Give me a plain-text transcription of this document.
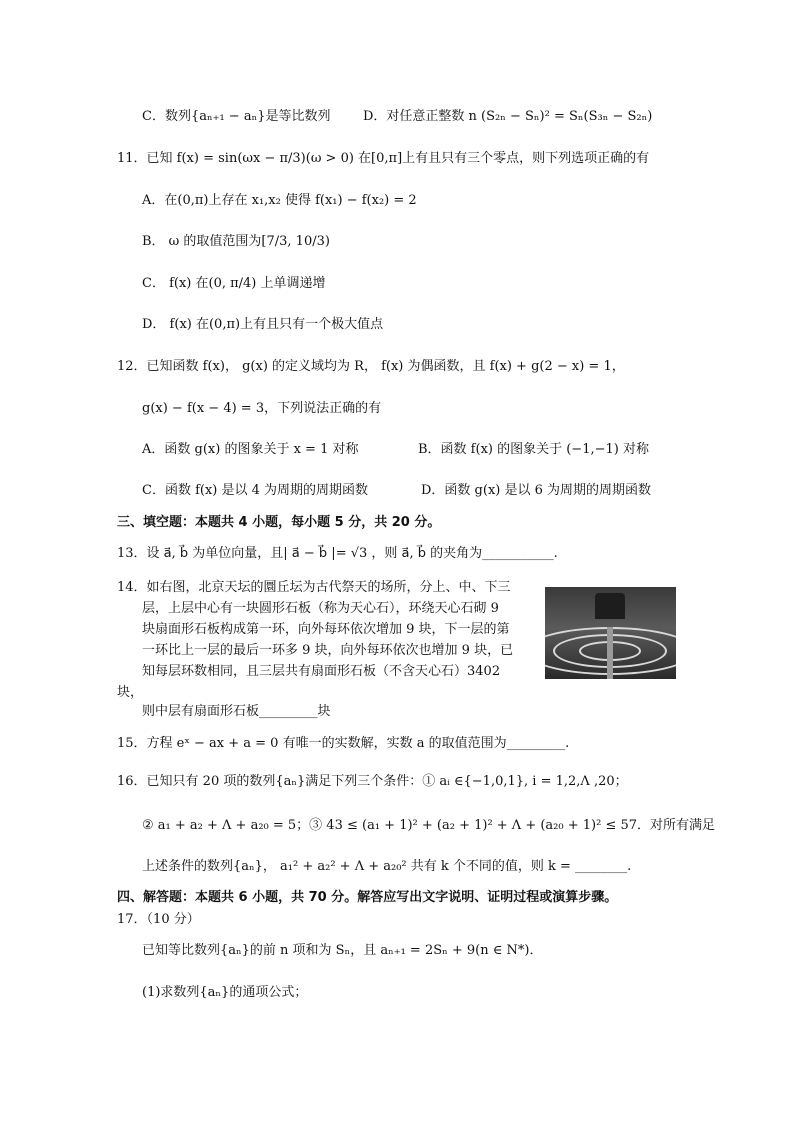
C．数列{aₙ₊₁ − aₙ}是等比数列	D．对任意正整数 n (S₂ₙ − Sₙ)² = Sₙ(S₃ₙ − S₂ₙ)
11．已知 f(x) = sin(ωx − π/3)(ω > 0) 在[0,π]上有且只有三个零点，则下列选项正确的有
A．在(0,π)上存在 x₁,x₂ 使得 f(x₁) − f(x₂) = 2
B． ω 的取值范围为[7/3, 10/3)
C． f(x) 在(0, π/4) 上单调递增
D． f(x) 在(0,π)上有且只有一个极大值点
12．已知函数 f(x)， g(x) 的定义域均为 R， f(x) 为偶函数，且 f(x) + g(2 − x) = 1，
g(x) − f(x − 4) = 3，下列说法正确的有
A．函数 g(x) 的图象关于 x = 1 对称	B．函数 f(x) 的图象关于 (−1,−1) 对称
C．函数 f(x) 是以 4 为周期的周期函数	D．函数 g(x) 是以 6 为周期的周期函数
三、填空题：本题共 4 小题，每小题 5 分，共 20 分。
13．设 a⃗, b⃗ 为单位向量，且| a⃗ − b⃗ |= √3 ，则 a⃗, b⃗ 的夹角为___________.
14．如右图，北京天坛的圜丘坛为古代祭天的场所，分上、中、下三
层，上层中心有一块圆形石板（称为天心石），环绕天心石砌 9
块扇面形石板构成第一环，向外每环依次增加 9 块，下一层的第
一环比上一层的最后一环多 9 块，向外每环依次也增加 9 块，已
知每层环数相同，且三层共有扇面形石板（不含天心石）3402
块，
则中层有扇面形石板_________块
15．方程 eˣ − ax + a = 0 有唯一的实数解，实数 a 的取值范围为_________.
16．已知只有 20 项的数列{aₙ}满足下列三个条件：① aᵢ ∈{−1,0,1}, i = 1,2,Λ ,20；
② a₁ + a₂ + Λ + a₂₀ = 5；③ 43 ≤ (a₁ + 1)² + (a₂ + 1)² + Λ + (a₂₀ + 1)² ≤ 57．对所有满足
上述条件的数列{aₙ}， a₁² + a₂² + Λ + a₂₀² 共有 k 个不同的值，则 k = ________.
四、解答题：本题共 6 小题，共 70 分。解答应写出文字说明、证明过程或演算步骤。
17．（10 分）
已知等比数列{aₙ}的前 n 项和为 Sₙ，且 aₙ₊₁ = 2Sₙ + 9(n ∈ N*)．
(1)求数列{aₙ}的通项公式；
